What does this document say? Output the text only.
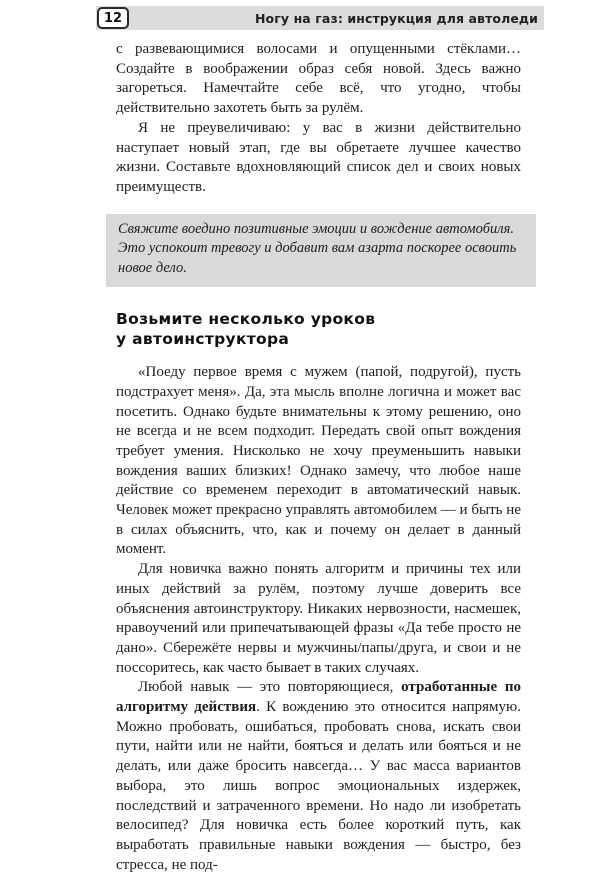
12	Ногу на газ: инструкция для автоледи

с развевающимися волосами и опущенными стёклами… Создайте в воображении образ себя новой. Здесь важно загореться. Намечтайте себе всё, что угодно, чтобы действительно захотеть быть за рулём.

Я не преувеличиваю: у вас в жизни действительно наступает новый этап, где вы обретаете лучшее качество жизни. Составьте вдохновляющий список дел и своих новых преимуществ.

Свяжите воедино позитивные эмоции и вождение автомобиля. Это успокоит тревогу и добавит вам азарта поскорее освоить новое дело.
Возьмите несколько уроков
у автоинструктора

«Поеду первое время с мужем (папой, подругой), пусть подстрахует меня». Да, эта мысль вполне логична и может вас посетить. Однако будьте внимательны к этому решению, оно не всегда и не всем подходит. Передать свой опыт вождения требует умения. Нисколько не хочу преуменьшить навыки вождения ваших близких! Однако замечу, что любое наше действие со временем переходит в автоматический навык. Человек может прекрасно управлять автомобилем — и быть не в силах объяснить, что, как и почему он делает в данный момент.

Для новичка важно понять алгоритм и причины тех или иных действий за рулём, поэтому лучше доверить все объяснения автоинструктору. Никаких нервозности, насмешек, нравоучений или припечатывающей фразы «Да тебе просто не дано». Сбережёте нервы и мужчины/папы/друга, и свои и не поссоритесь, как часто бывает в таких случаях.

Любой навык — это повторяющиеся, отработанные по алгоритму действия. К вождению это относится напрямую. Можно пробовать, ошибаться, пробовать снова, искать свои пути, найти или не найти, бояться и делать или бояться и не делать, или даже бросить навсегда… У вас масса вариантов выбора, это лишь вопрос эмоциональных издержек, последствий и затраченного времени. Но надо ли изобретать велосипед? Для новичка есть более короткий путь, как выработать правильные навыки вождения — быстро, без стресса, не под-
